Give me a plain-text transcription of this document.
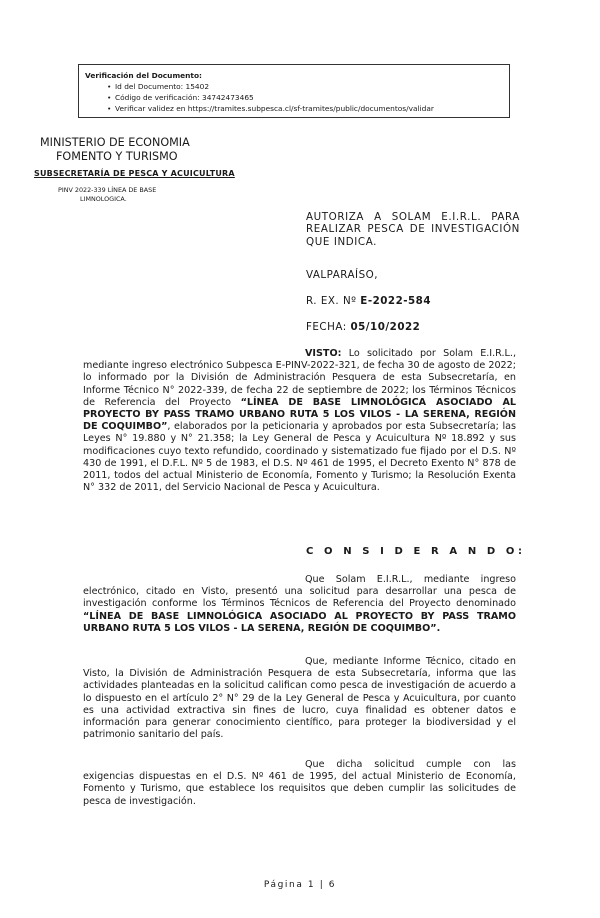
Verificación del Documento:
• Id del Documento: 15402
• Código de verificación: 34742473465
• Verificar validez en https://tramites.subpesca.cl/sf-tramites/public/documentos/validar
MINISTERIO DE ECONOMIA
FOMENTO Y TURISMO
SUBSECRETARÍA DE PESCA Y ACUICULTURA
PINV 2022-339 LÍNEA DE BASE
LIMNOLOGICA.
AUTORIZA A SOLAM E.I.R.L. PARA REALIZAR PESCA DE INVESTIGACIÓN QUE INDICA.
VALPARAÍSO,
R. EX. Nº E-2022-584
FECHA: 05/10/2022
VISTO: Lo solicitado por Solam E.I.R.L., mediante ingreso electrónico Subpesca E-PINV-2022-321, de fecha 30 de agosto de 2022; lo informado por la División de Administración Pesquera de esta Subsecretaría, en Informe Técnico N° 2022-339, de fecha 22 de septiembre de 2022; los Términos Técnicos de Referencia del Proyecto “LÍNEA DE BASE LIMNOLÓGICA ASOCIADO AL PROYECTO BY PASS TRAMO URBANO RUTA 5 LOS VILOS - LA SERENA, REGIÓN DE COQUIMBO”, elaborados por la peticionaria y aprobados por esta Subsecretaría; las Leyes N° 19.880 y N° 21.358; la Ley General de Pesca y Acuicultura Nº 18.892 y sus modificaciones cuyo texto refundido, coordinado y sistematizado fue fijado por el D.S. Nº 430 de 1991, el D.F.L. Nº 5 de 1983, el D.S. Nº 461 de 1995, el Decreto Exento N° 878 de 2011, todos del actual Ministerio de Economía, Fomento y Turismo; la Resolución Exenta N° 332 de 2011, del Servicio Nacional de Pesca y Acuicultura.
C O N S I D E R A N D O:
Que Solam E.I.R.L., mediante ingreso electrónico, citado en Visto, presentó una solicitud para desarrollar una pesca de investigación conforme los Términos Técnicos de Referencia del Proyecto denominado “LÍNEA DE BASE LIMNOLÓGICA ASOCIADO AL PROYECTO BY PASS TRAMO URBANO RUTA 5 LOS VILOS - LA SERENA, REGIÓN DE COQUIMBO”.
Que, mediante Informe Técnico, citado en Visto, la División de Administración Pesquera de esta Subsecretaría, informa que las actividades planteadas en la solicitud califican como pesca de investigación de acuerdo a lo dispuesto en el artículo 2° N° 29 de la Ley General de Pesca y Acuicultura, por cuanto es una actividad extractiva sin fines de lucro, cuya finalidad es obtener datos e información para generar conocimiento científico, para proteger la biodiversidad y el patrimonio sanitario del país.
Que dicha solicitud cumple con las exigencias dispuestas en el D.S. Nº 461 de 1995, del actual Ministerio de Economía, Fomento y Turismo, que establece los requisitos que deben cumplir las solicitudes de pesca de investigación.
Página 1 | 6
